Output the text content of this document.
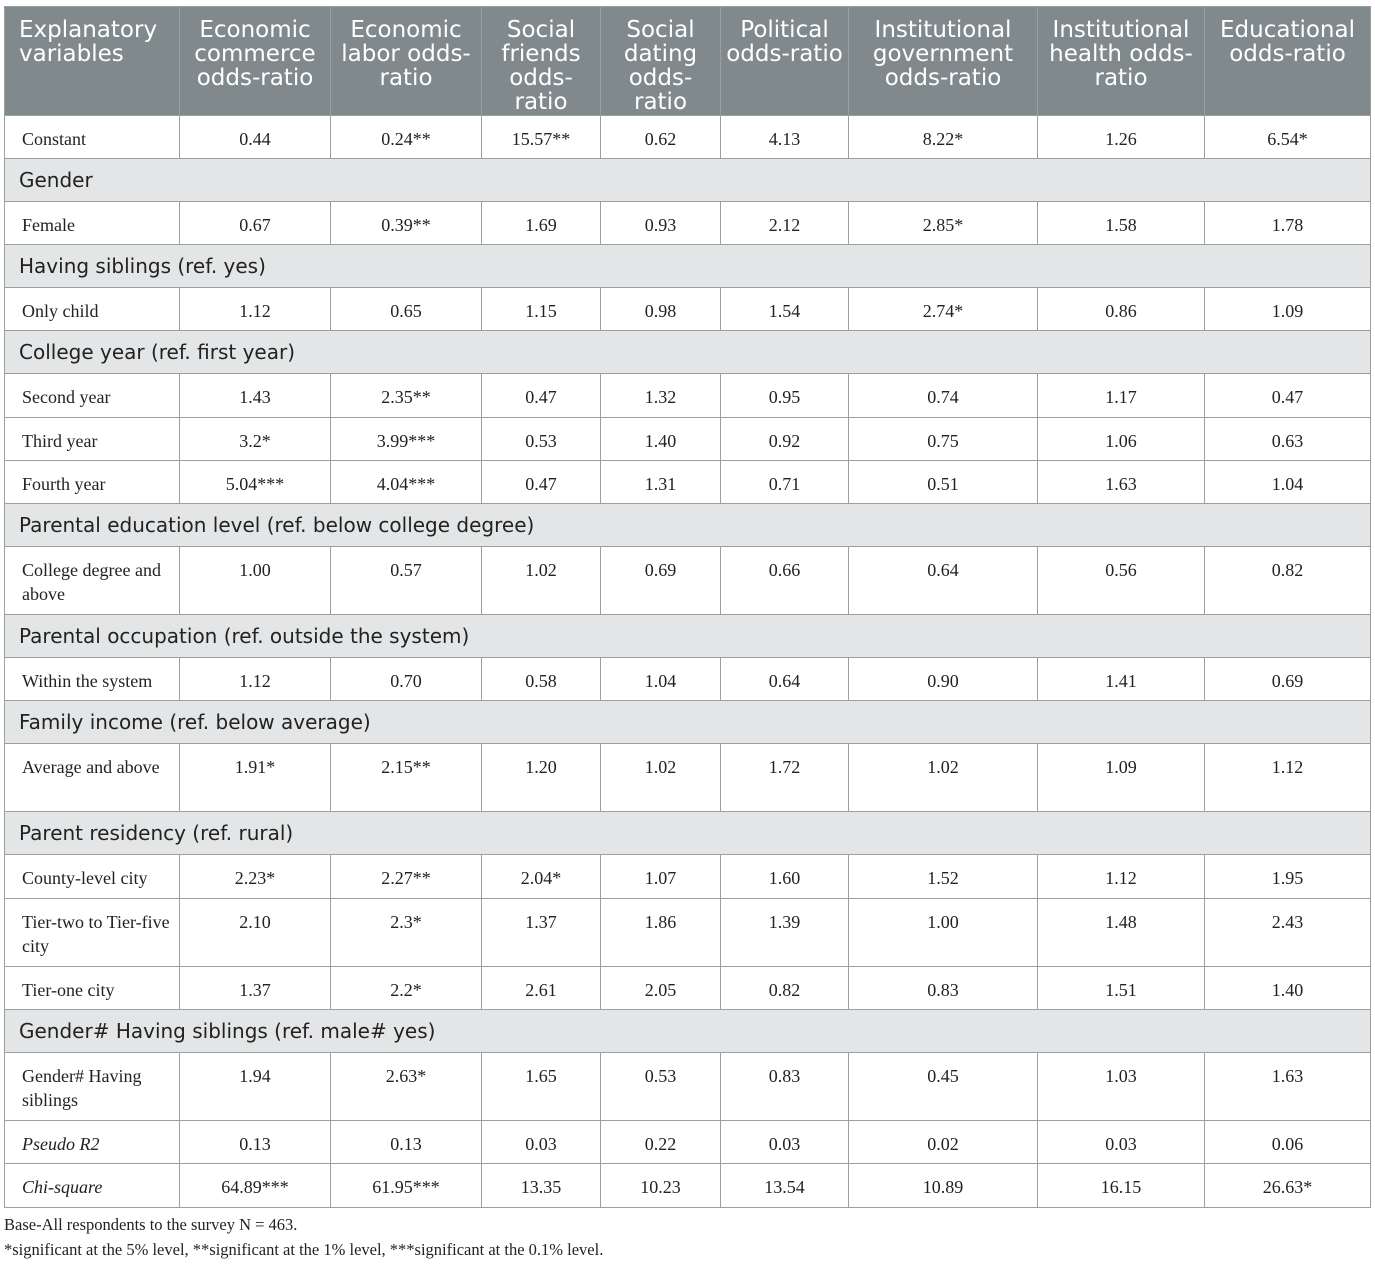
Explanatory variables	Economic commerce odds-ratio	Economic labor odds-ratio	Social friends odds-ratio	Social dating odds-ratio	Political odds-ratio	Institutional government odds-ratio	Institutional health odds-ratio	Educational odds-ratio
Constant	0.44	0.24**	15.57**	0.62	4.13	8.22*	1.26	6.54*
Gender								
Female	0.67	0.39**	1.69	0.93	2.12	2.85*	1.58	1.78
Having siblings (ref. yes)								
Only child	1.12	0.65	1.15	0.98	1.54	2.74*	0.86	1.09
College year (ref. first year)								
Second year	1.43	2.35**	0.47	1.32	0.95	0.74	1.17	0.47
Third year	3.2*	3.99***	0.53	1.40	0.92	0.75	1.06	0.63
Fourth year	5.04***	4.04***	0.47	1.31	0.71	0.51	1.63	1.04
Parental education level (ref. below college degree)								
College degree and above	1.00	0.57	1.02	0.69	0.66	0.64	0.56	0.82
Parental occupation (ref. outside the system)								
Within the system	1.12	0.70	0.58	1.04	0.64	0.90	1.41	0.69
Family income (ref. below average)								
Average and above	1.91*	2.15**	1.20	1.02	1.72	1.02	1.09	1.12
Parent residency (ref. rural)								
County-level city	2.23*	2.27**	2.04*	1.07	1.60	1.52	1.12	1.95
Tier-two to Tier-five city	2.10	2.3*	1.37	1.86	1.39	1.00	1.48	2.43
Tier-one city	1.37	2.2*	2.61	2.05	0.82	0.83	1.51	1.40
Gender# Having siblings (ref. male# yes)								
Gender# Having siblings	1.94	2.63*	1.65	0.53	0.83	0.45	1.03	1.63
Pseudo R2	0.13	0.13	0.03	0.22	0.03	0.02	0.03	0.06
Chi-square	64.89***	61.95***	13.35	10.23	13.54	10.89	16.15	26.63*
Base-All respondents to the survey N = 463.
*significant at the 5% level, **significant at the 1% level, ***significant at the 0.1% level.
